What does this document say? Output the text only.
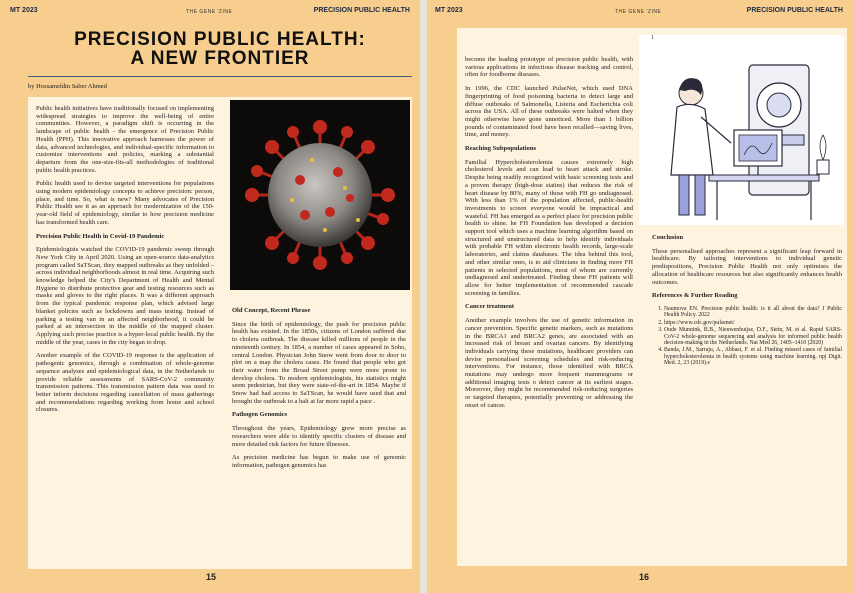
MT 2023	THE GENE 'ZINE	PRECISION PUBLIC HEALTH
PRECISION PUBLIC HEALTH:
A NEW FRONTIER
by Hossameldin Saber Ahmed

Public health initiatives have traditionally focused on implementing widespread strategies to improve the well-being of entire communities. However, a paradigm shift is occurring in the landscape of public health - the emergence of Precision Public Health (PPH). This innovative approach harnesses the power of data, advanced technologies, and individual-specific information to customize interventions and policies, marking a substantial departure from the one-size-fits-all methodologies of traditional public health practices.

Public health used to devise targeted interventions for populations using modern epidemiology concepts to achieve precision: person, place, and time. So, what is new? Many advocates of Precision Public Health see it as an approach for modernization of the 150-year-old field of epidemiology, similar to how precision medicine has transformed health care.

Precision Public Health in Covid-19 Pandemic

Epidemiologists watched the COVID-19 pandemic sweep through New York City in April 2020. Using an open-source data-analytics program called SaTScan, they mapped outbreaks as they unfolded – across individual neighborhoods almost in real time. Acquiring such knowledge helped the City's Department of Health and Mental Hygiene to distribute protective gear and testing resources such as masks and gloves to the right places. It was a different approach from the typical pandemic response plan, which advised large blanket policies such as lockdowns and mass testing. Instead of parking a testing van in an affected neighborhood, it could be parked at an intersection in the middle of the mapped cluster. Applying such precise practice is a hyper-local public health. By the middle of the year, cases in the city began to drop.

Another example of the COVID-19 response is the application of pathogenic genomics, through a combination of whole-genome sequence analyses and epidemiological data, in the Netherlands to provide reliable assessments of SARS-CoV-2 community transmission patterns. This transmission pattern data was used to better inform decisions regarding cancellation of mass gatherings and recommendations regarding working from home and school closures.

Old Concept, Recent Phrase

Since the birth of epidemiology, the push for precision public health has existed. In the 1850s, citizens of London suffered due to cholera outbreak. The disease killed millions of people in the nineteenth century. In 1854, a number of cases appeared in Soho, central London. Physician John Snow went from door to door to plot on a map the cholera cases. He found that people who got their water from the Broad Street pump were more prone to develop cholera. To modern epidemiologists, his statistics might seem pedestrian, but they were state-of-the-art in 1854. Maybe if Snow had had access to SaTScan, he would have used that and brought the outbreak to a halt at far more rapid a pace .

Pathogen Genomics

Throughout the years, Epidemiology grew more precise as researchers were able to identify specific clusters of disease and more detailed risk factors for future illnesses.

As precision medicine has begun to make use of genomic information, pathogen genomics has

15
MT 2023	THE GENE 'ZINE	PRECISION PUBLIC HEALTH

become the leading prototype of precision public health, with various applications in infectious disease tracking and control, often for foodborne diseases.

In 1996, the CDC launched PulseNet, which used DNA fingerprinting of food poisoning bacteria to detect large and diffuse outbreaks of Salmonella, Listeria and Escherichia coli across the USA. All of these outbreaks were halted when they might otherwise have gone unnoticed. More than 1 billion pounds of contaminated food have been recalled—saving lives, time, and money.

Reaching Subpopulations

Familial Hypercholesterolemia causes extremely high cholesterol levels and can lead to heart attack and stroke. Despite being readily recognized with basic screening tests and a proven therapy (high-dose statins) that reduces the risk of heart disease by 80%, many of those with FH go undiagnosed. With less than 1% of the population affected, public-health investments to screen everyone would be impractical and wasteful. FH has emerged as a perfect place for precision public health to shine. he FH Foundation has developed a decision support tool which uses a machine learning algorithm based on structured and unstructured data to help identify individuals with probable FH within electronic health records, large-scale laboratories, and claims databases. The idea behind this tool, and other similar ones, is to aid clinicians in finding more FH patients in selected populations, most of whom are currently undiagnosed and undertreated. Finding these FH patients will allow for better implementation of recommended cascade screening in families.

Cancer treatment

Another example involves the use of genetic information in cancer prevention. Specific genetic markers, such as mutations in the BRCA1 and BRCA2 genes, are associated with an increased risk of breast and ovarian cancers. By identifying individuals carrying these mutations, healthcare providers can devise personalised screening schedules and risk-reducing interventions. For instance, those identified with BRCA mutations may undergo more frequent mammograms or additional imaging tests o detect cancer at its earliest stages. Moreover, they might be recommended risk-reducing surgeries or targeted therapies, potentially preventing or addressing the onset of cancer.

1
Conclusion

These personalised approaches represent a significant leap forward in healthcare. By tailoring interventions to individual genetic predispositions, Precision Public Health not only optimises the allocation of healthcare resources but also significantly enhances health outcomes.

References & Further Reading
1. Naumova EN. Precision public health: is it all about the data? J Public Health Policy. 2022
2. https://www.cdc.gov/pulsenet/
3. Oude Munnink, B.B., Nieuwenhuijse, D.F., Stein, M. et al. Rapid SARS-CoV-2 whole-genome sequencing and analysis for informed public health decision-making in the Netherlands. Nat Med 26, 1405–1410 (2020)
4. Banda, J.M., Sarraju, A., Abbasi, F. et al. Finding missed cases of familial hypercholesterolemia in health systems using machine learning. npj Digit. Med. 2, 23 (2019).e
16
